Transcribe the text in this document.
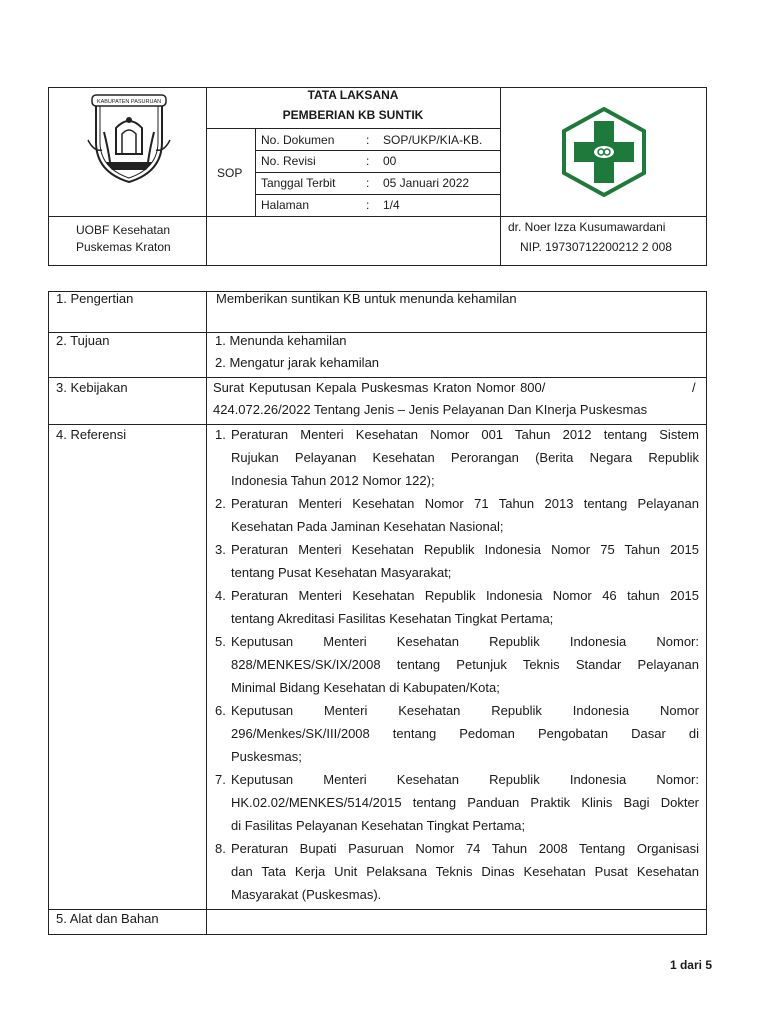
KABUPATEN PASURUAN	TATA LAKSANA
PEMBERIAN KB SUNTIK
SOP
No. Dokumen	: SOP/UKP/KIA-KB.
No. Revisi	: 00
Tanggal Terbit	: 05 Januari 2022
Halaman	: 1/4
UOBF Kesehatan
Puskemas Kraton
dr. Noer Izza Kusumawardani
NIP. 19730712200212 2 008
1. Pengertian	Memberikan suntikan KB untuk menunda kehamilan
2. Tujuan	1. Menunda kehamilan
2. Mengatur jarak kehamilan
3. Kebijakan	Surat Keputusan Kepala Puskesmas Kraton Nomor 800/	/
424.072.26/2022 Tentang Jenis – Jenis Pelayanan Dan KInerja Puskesmas
4. Referensi	1. Peraturan Menteri Kesehatan Nomor 001 Tahun 2012 tentang Sistem
Rujukan Pelayanan Kesehatan Perorangan (Berita Negara Republik
Indonesia Tahun 2012 Nomor 122);
2. Peraturan Menteri Kesehatan Nomor 71 Tahun 2013 tentang Pelayanan
Kesehatan Pada Jaminan Kesehatan Nasional;
3. Peraturan Menteri Kesehatan Republik Indonesia Nomor 75 Tahun 2015
tentang Pusat Kesehatan Masyarakat;
4. Peraturan Menteri Kesehatan Republik Indonesia Nomor 46 tahun 2015
tentang Akreditasi Fasilitas Kesehatan Tingkat Pertama;
5. Keputusan Menteri Kesehatan Republik Indonesia Nomor:
828/MENKES/SK/IX/2008 tentang Petunjuk Teknis Standar Pelayanan
Minimal Bidang Kesehatan di Kabupaten/Kota;
6. Keputusan Menteri Kesehatan Republik Indonesia Nomor
296/Menkes/SK/III/2008 tentang Pedoman Pengobatan Dasar di
Puskesmas;
7. Keputusan Menteri Kesehatan Republik Indonesia Nomor:
HK.02.02/MENKES/514/2015 tentang Panduan Praktik Klinis Bagi Dokter
di Fasilitas Pelayanan Kesehatan Tingkat Pertama;
8. Peraturan Bupati Pasuruan Nomor 74 Tahun 2008 Tentang Organisasi
dan Tata Kerja Unit Pelaksana Teknis Dinas Kesehatan Pusat Kesehatan
Masyarakat (Puskesmas).
5. Alat dan Bahan
1 dari 5
